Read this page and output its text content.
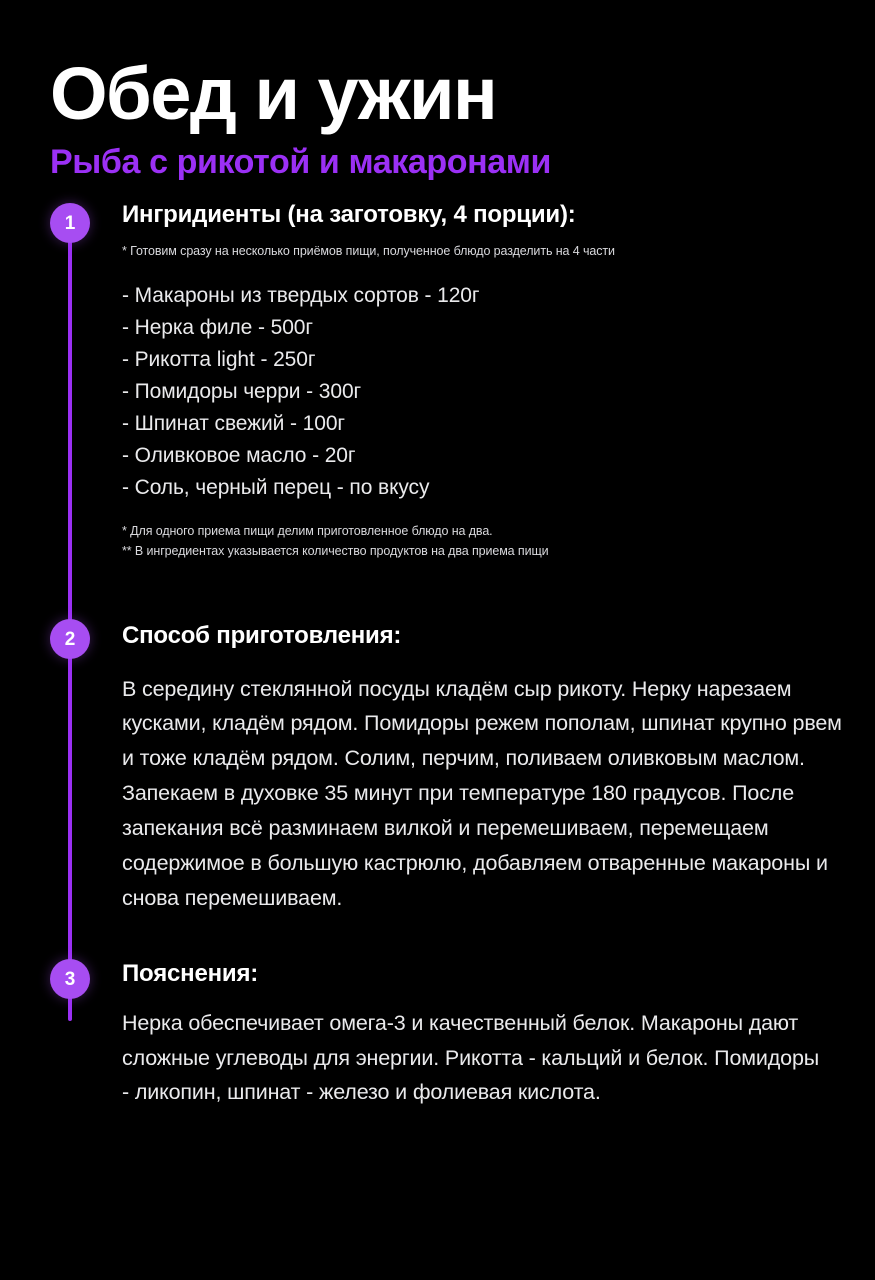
Обед и ужин
Рыба с рикотой и макаронами
1	Ингридиенты (на заготовку, 4 порции):

* Готовим сразу на несколько приёмов пищи, полученное блюдо разделить на 4 части

- Макароны из твердых сортов - 120г
- Нерка филе - 500г
- Рикотта light - 250г
- Помидоры черри - 300г
- Шпинат свежий - 100г
- Оливковое масло - 20г
- Соль, черный перец - по вкусу

* Для одного приема пищи делим приготовленное блюдо на два.

** В ингредиентах указывается количество продуктов на два приема пищи

2	Способ приготовления:

В середину стеклянной посуды кладём сыр рикоту. Нерку нарезаем кусками, кладём рядом. Помидоры режем пополам, шпинат крупно рвем и тоже кладём рядом. Солим, перчим, поливаем оливковым маслом. Запекаем в духовке 35 минут при температуре 180 градусов. После запекания всё разминаем вилкой и перемешиваем, перемещаем содержимое в большую кастрюлю, добавляем отваренные макароны и снова перемешиваем.

3	Пояснения:

Нерка обеспечивает омега-3 и качественный белок. Макароны дают сложные углеводы для энергии. Рикотта - кальций и белок. Помидоры - ликопин, шпинат - железо и фолиевая кислота.
